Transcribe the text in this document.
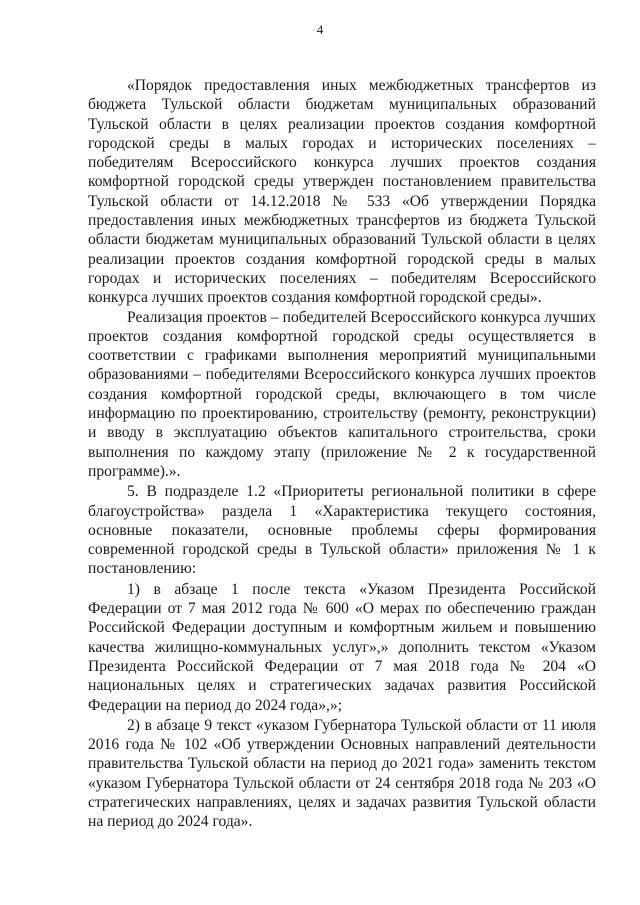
4

«Порядок предоставления иных межбюджетных трансфертов из бюджета Тульской области бюджетам муниципальных образований Тульской области в целях реализации проектов создания комфортной городской среды в малых городах и исторических поселениях – победителям Всероссийского конкурса лучших проектов создания комфортной городской среды утвержден постановлением правительства Тульской области от 14.12.2018 № 533 «Об утверждении Порядка предоставления иных межбюджетных трансфертов из бюджета Тульской области бюджетам муниципальных образований Тульской области в целях реализации проектов создания комфортной городской среды в малых городах и исторических поселениях – победителям Всероссийского конкурса лучших проектов создания комфортной городской среды».

Реализация проектов – победителей Всероссийского конкурса лучших проектов создания комфортной городской среды осуществляется в соответствии с графиками выполнения мероприятий муниципальными образованиями – победителями Всероссийского конкурса лучших проектов создания комфортной городской среды, включающего в том числе информацию по проектированию, строительству (ремонту, реконструкции) и вводу в эксплуатацию объектов капитального строительства, сроки выполнения по каждому этапу (приложение № 2 к государственной программе).».

5. В подразделе 1.2 «Приоритеты региональной политики в сфере благоустройства» раздела 1 «Характеристика текущего состояния, основные показатели, основные проблемы сферы формирования современной городской среды в Тульской области» приложения № 1 к постановлению:

1) в абзаце 1 после текста «Указом Президента Российской Федерации от 7 мая 2012 года № 600 «О мерах по обеспечению граждан Российской Федерации доступным и комфортным жильем и повышению качества жилищно-коммунальных услуг»,» дополнить текстом «Указом Президента Российской Федерации от 7 мая 2018 года № 204 «О национальных целях и стратегических задачах развития Российской Федерации на период до 2024 года»,»;

2) в абзаце 9 текст «указом Губернатора Тульской области от 11 июля 2016 года № 102 «Об утверждении Основных направлений деятельности правительства Тульской области на период до 2021 года» заменить текстом «указом Губернатора Тульской области от 24 сентября 2018 года № 203 «О стратегических направлениях, целях и задачах развития Тульской области на период до 2024 года».
